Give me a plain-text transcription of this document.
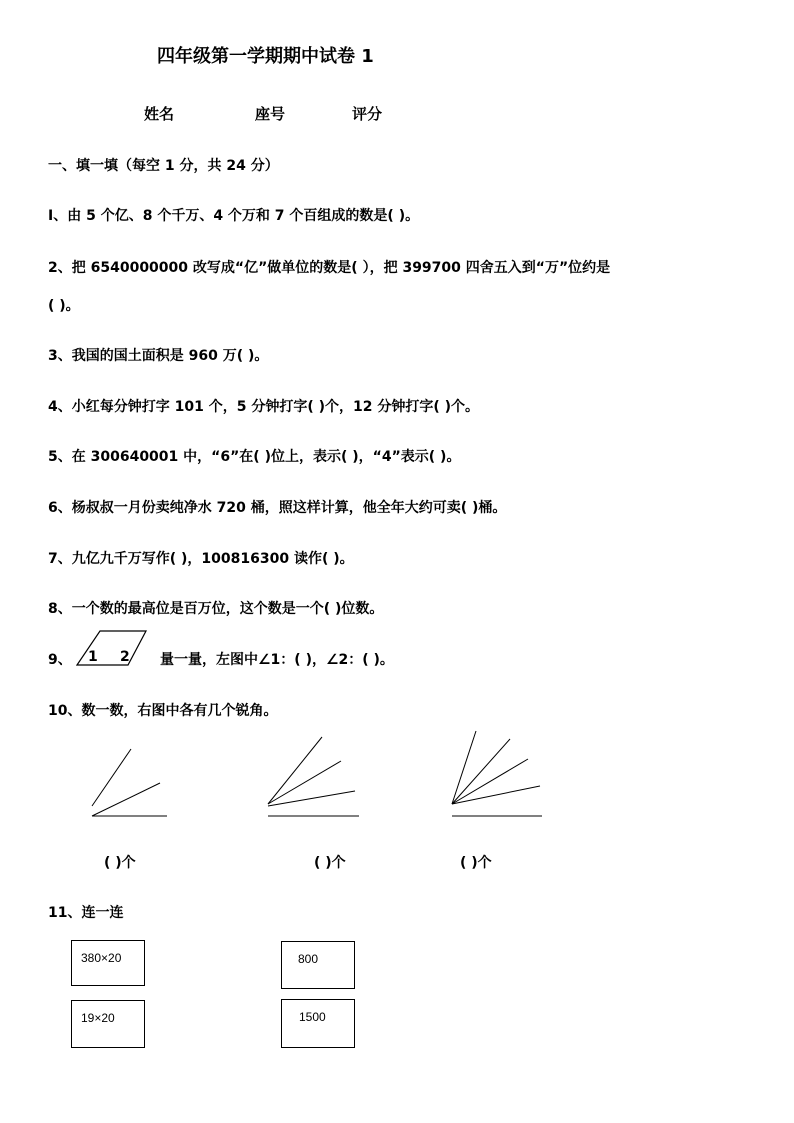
四年级第一学期期中试卷 1
姓名	座号	评分
一、填一填（每空 1 分，共 24 分）
I、由 5 个亿、8 个千万、4 个万和 7 个百组成的数是( )。
2、把 6540000000 改写成“亿”做单位的数是( ），把 399700 四舍五入到“万”位约是
( )。
3、我国的国土面积是 960 万( )。
4、小红每分钟打字 101 个，5 分钟打字( )个，12 分钟打字( )个。
5、在 300640001 中，“6”在( )位上，表示( )，“4”表示( )。
6、杨叔叔一月份卖纯净水 720 桶，照这样计算，他全年大约可卖( )桶。
7、九亿九千万写作( )，100816300 读作( )。
8、一个数的最高位是百万位，这个数是一个( )位数。
9、 1 2 量一量，左图中∠1：( )，∠2：( )。
10、数一数，右图中各有几个锐角。
( )个	( )个	( )个
11、连一连
380×20
19×20
800
1500
